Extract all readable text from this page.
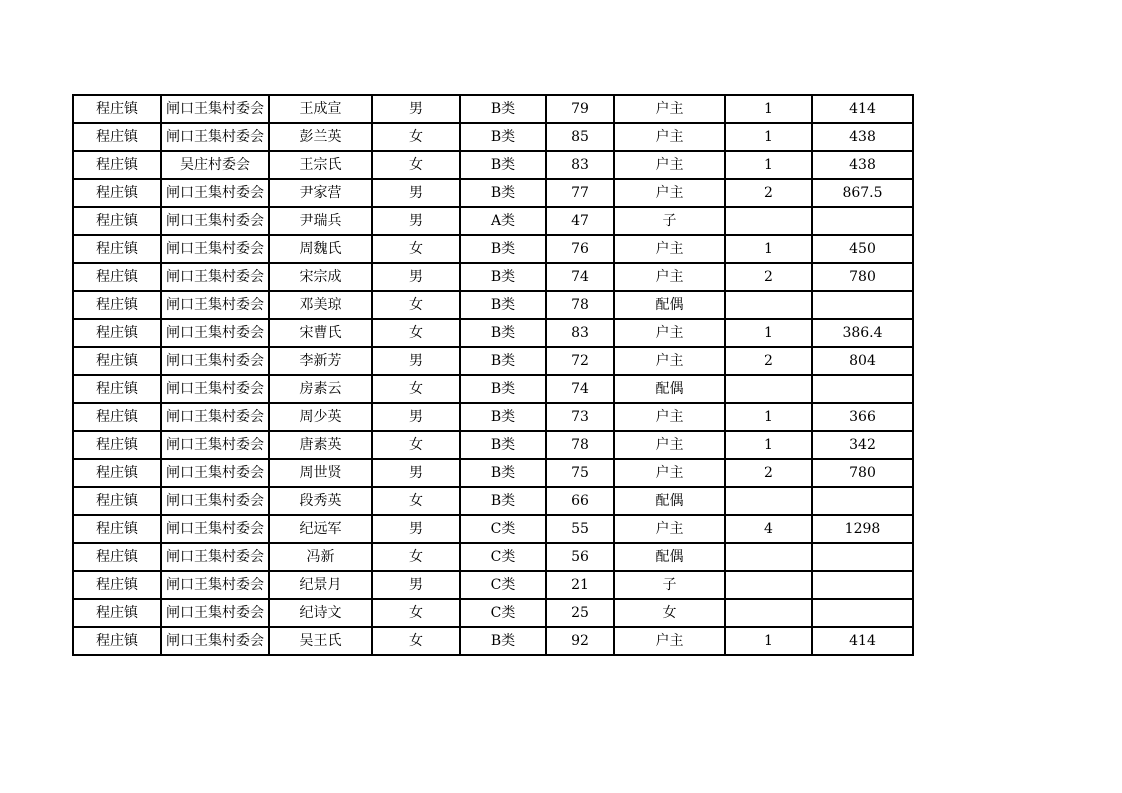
程庄镇	闸口王集村委会	王成宣	男	B类	79	户主	1	414
程庄镇	闸口王集村委会	彭兰英	女	B类	85	户主	1	438
程庄镇	吴庄村委会	王宗氏	女	B类	83	户主	1	438
程庄镇	闸口王集村委会	尹家营	男	B类	77	户主	2	867.5
程庄镇	闸口王集村委会	尹瑞兵	男	A类	47	子		
程庄镇	闸口王集村委会	周魏氏	女	B类	76	户主	1	450
程庄镇	闸口王集村委会	宋宗成	男	B类	74	户主	2	780
程庄镇	闸口王集村委会	邓美琼	女	B类	78	配偶		
程庄镇	闸口王集村委会	宋曹氏	女	B类	83	户主	1	386.4
程庄镇	闸口王集村委会	李新芳	男	B类	72	户主	2	804
程庄镇	闸口王集村委会	房素云	女	B类	74	配偶		
程庄镇	闸口王集村委会	周少英	男	B类	73	户主	1	366
程庄镇	闸口王集村委会	唐素英	女	B类	78	户主	1	342
程庄镇	闸口王集村委会	周世贤	男	B类	75	户主	2	780
程庄镇	闸口王集村委会	段秀英	女	B类	66	配偶		
程庄镇	闸口王集村委会	纪远军	男	C类	55	户主	4	1298
程庄镇	闸口王集村委会	冯新	女	C类	56	配偶		
程庄镇	闸口王集村委会	纪景月	男	C类	21	子		
程庄镇	闸口王集村委会	纪诗文	女	C类	25	女		
程庄镇	闸口王集村委会	吴王氏	女	B类	92	户主	1	414
